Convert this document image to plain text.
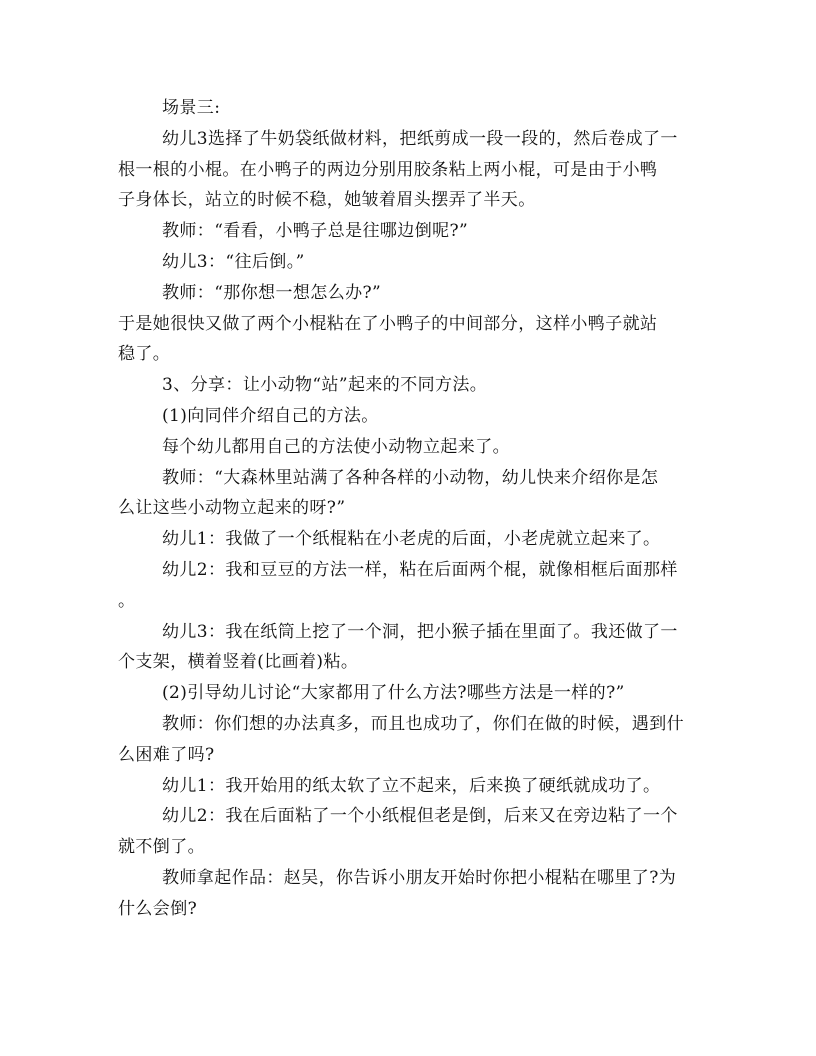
场景三:
幼儿3选择了牛奶袋纸做材料，把纸剪成一段一段的，然后卷成了一
根一根的小棍。在小鸭子的两边分别用胶条粘上两小棍，可是由于小鸭
子身体长，站立的时候不稳，她皱着眉头摆弄了半天。
教师：“看看，小鸭子总是往哪边倒呢?”
幼儿3：“往后倒。”
教师：“那你想一想怎么办?”
于是她很快又做了两个小棍粘在了小鸭子的中间部分，这样小鸭子就站
稳了。
3、分享：让小动物“站”起来的不同方法。
(1)向同伴介绍自己的方法。
每个幼儿都用自己的方法使小动物立起来了。
教师：“大森林里站满了各种各样的小动物，幼儿快来介绍你是怎
么让这些小动物立起来的呀?”
幼儿1：我做了一个纸棍粘在小老虎的后面，小老虎就立起来了。
幼儿2：我和豆豆的方法一样，粘在后面两个棍，就像相框后面那样
。
幼儿3：我在纸筒上挖了一个洞，把小猴子插在里面了。我还做了一
个支架，横着竖着(比画着)粘。
(2)引导幼儿讨论“大家都用了什么方法?哪些方法是一样的?”
教师：你们想的办法真多，而且也成功了，你们在做的时候，遇到什
么困难了吗?
幼儿1：我开始用的纸太软了立不起来，后来换了硬纸就成功了。
幼儿2：我在后面粘了一个小纸棍但老是倒，后来又在旁边粘了一个
就不倒了。
教师拿起作品：赵吴，你告诉小朋友开始时你把小棍粘在哪里了?为
什么会倒?
